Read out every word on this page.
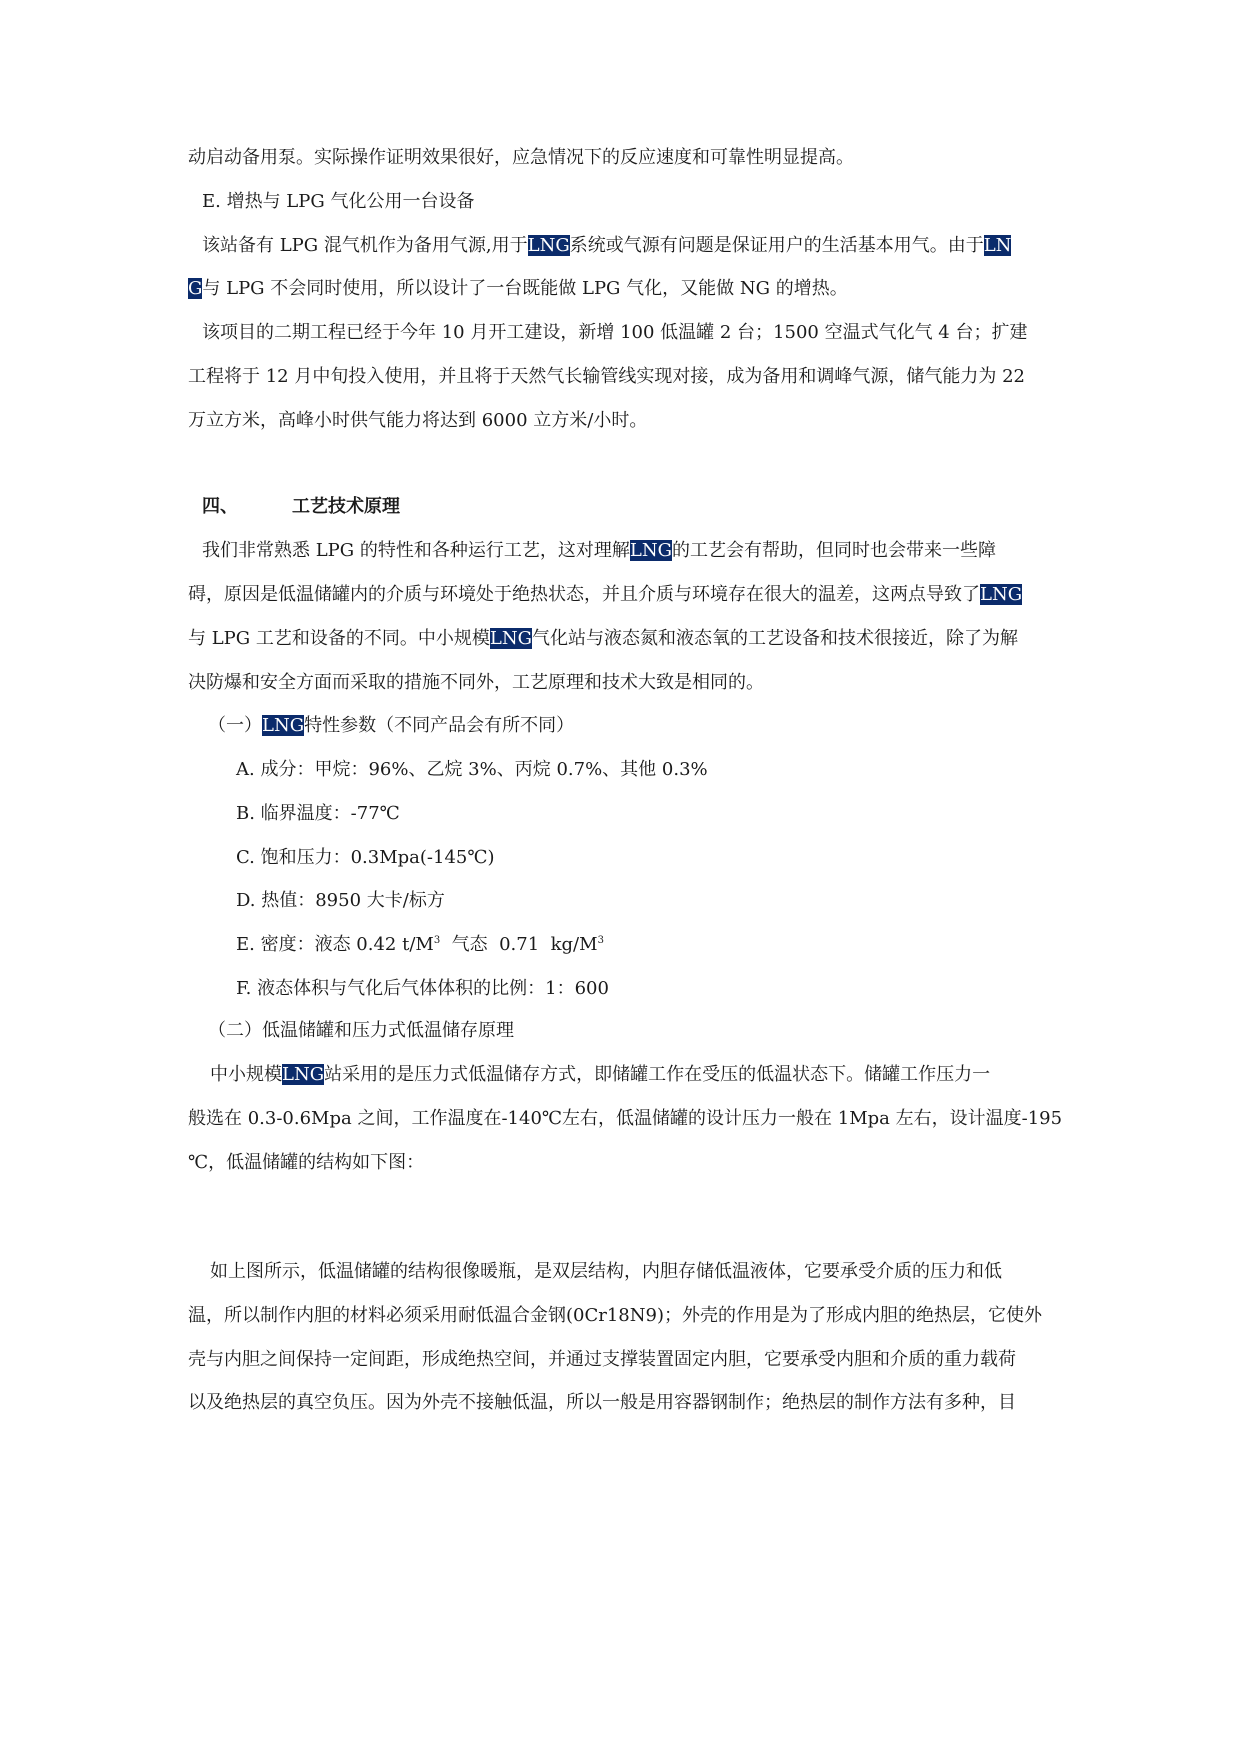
动启动备用泵。实际操作证明效果很好，应急情况下的反应速度和可靠性明显提高。
E. 增热与 LPG 气化公用一台设备
该站备有 LPG 混气机作为备用气源,用于LNG系统或气源有问题是保证用户的生活基本用气。由于LN
G与 LPG 不会同时使用，所以设计了一台既能做 LPG 气化，又能做 NG 的增热。
该项目的二期工程已经于今年 10 月开工建设，新增 100 低温罐 2 台；1500 空温式气化气 4 台；扩建
工程将于 12 月中旬投入使用，并且将于天然气长输管线实现对接，成为备用和调峰气源，储气能力为 22
万立方米，高峰小时供气能力将达到 6000 立方米/小时。
四、	工艺技术原理
我们非常熟悉 LPG 的特性和各种运行工艺，这对理解LNG的工艺会有帮助，但同时也会带来一些障
碍，原因是低温储罐内的介质与环境处于绝热状态，并且介质与环境存在很大的温差，这两点导致了LNG
与 LPG 工艺和设备的不同。中小规模LNG气化站与液态氮和液态氧的工艺设备和技术很接近，除了为解
决防爆和安全方面而采取的措施不同外，工艺原理和技术大致是相同的。
（一）LNG特性参数（不同产品会有所不同）
A. 成分：甲烷：96%、乙烷 3%、丙烷 0.7%、其他 0.3%
B. 临界温度：-77℃
C. 饱和压力：0.3Mpa(-145℃)
D. 热值：8950 大卡/标方
E. 密度：液态 0.42 $t/M^3$  气态  0.71  $kg/M^3$
F. 液态体积与气化后气体体积的比例：1：600
（二）低温储罐和压力式低温储存原理
中小规模LNG站采用的是压力式低温储存方式，即储罐工作在受压的低温状态下。储罐工作压力一
般选在 0.3-0.6Mpa 之间，工作温度在-140℃左右，低温储罐的设计压力一般在 1Mpa 左右，设计温度-195
℃，低温储罐的结构如下图：
如上图所示，低温储罐的结构很像暖瓶，是双层结构，内胆存储低温液体，它要承受介质的压力和低
温，所以制作内胆的材料必须采用耐低温合金钢(0Cr18N9)；外壳的作用是为了形成内胆的绝热层，它使外
壳与内胆之间保持一定间距，形成绝热空间，并通过支撑装置固定内胆，它要承受内胆和介质的重力载荷
以及绝热层的真空负压。因为外壳不接触低温，所以一般是用容器钢制作；绝热层的制作方法有多种，目
